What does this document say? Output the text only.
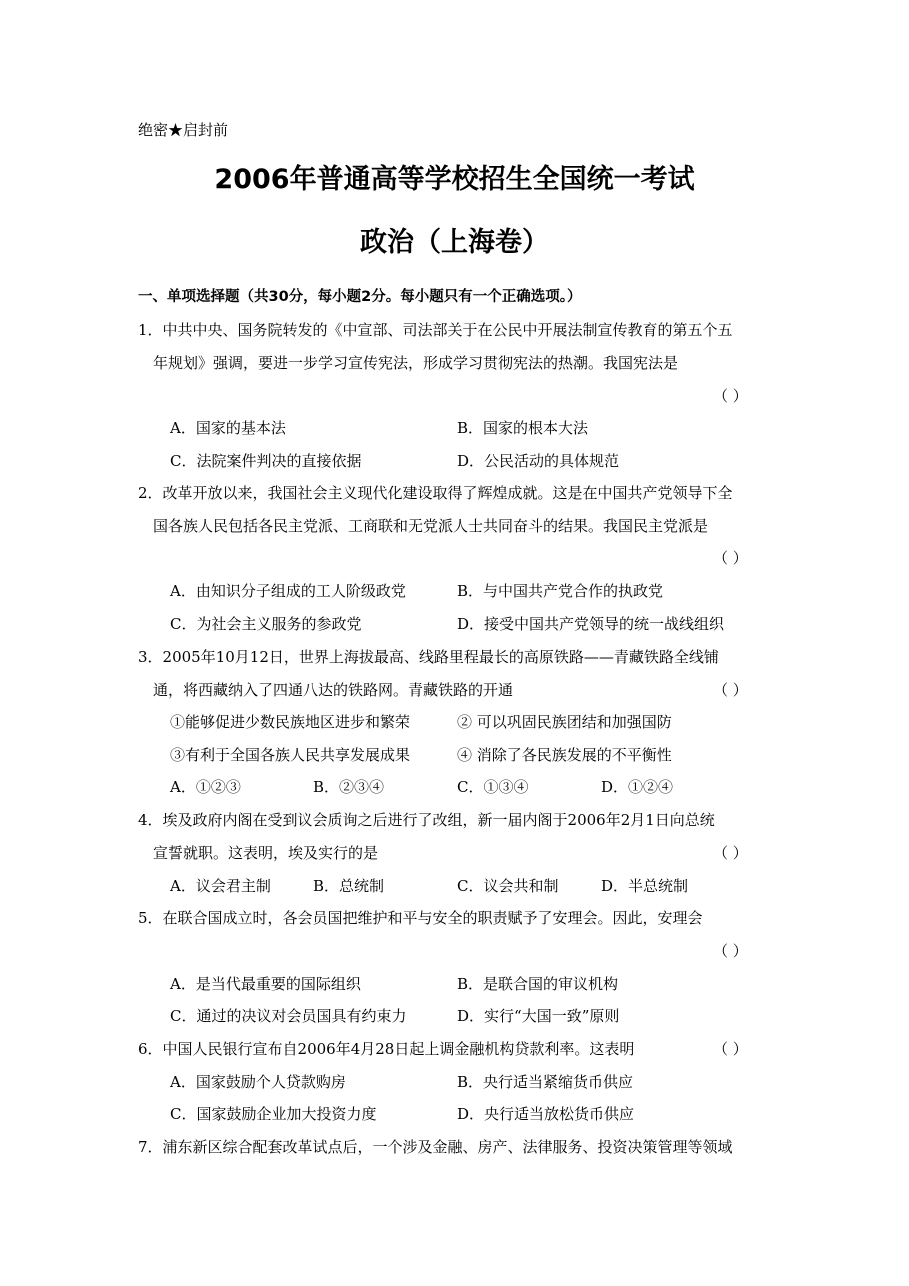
绝密★启封前
2006年普通高等学校招生全国统一考试
政治（上海卷）
一、单项选择题（共30分，每小题2分。每小题只有一个正确选项。）
1．中共中央、国务院转发的《中宣部、司法部关于在公民中开展法制宣传教育的第五个五
年规划》强调，要进一步学习宣传宪法，形成学习贯彻宪法的热潮。我国宪法是
（ ）
A．国家的基本法	B．国家的根本大法
C．法院案件判决的直接依据	D．公民活动的具体规范
2．改革开放以来，我国社会主义现代化建设取得了辉煌成就。这是在中国共产党领导下全
国各族人民包括各民主党派、工商联和无党派人士共同奋斗的结果。我国民主党派是
（ ）
A．由知识分子组成的工人阶级政党	B．与中国共产党合作的执政党
C．为社会主义服务的参政党	D．接受中国共产党领导的统一战线组织
3．2005年10月12日，世界上海拔最高、线路里程最长的高原铁路——青藏铁路全线铺
通，将西藏纳入了四通八达的铁路网。青藏铁路的开通	（ ）
①能够促进少数民族地区进步和繁荣	② 可以巩固民族团结和加强国防
③有利于全国各族人民共享发展成果	④ 消除了各民族发展的不平衡性
A．①②③	B．②③④	C．①③④	D．①②④
4．埃及政府内阁在受到议会质询之后进行了改组，新一届内阁于2006年2月1日向总统
宣誓就职。这表明，埃及实行的是	（ ）
A．议会君主制	B．总统制	C．议会共和制	D．半总统制
5．在联合国成立时，各会员国把维护和平与安全的职责赋予了安理会。因此，安理会
（ ）
A．是当代最重要的国际组织	B．是联合国的审议机构
C．通过的决议对会员国具有约束力	D．实行“大国一致”原则
6．中国人民银行宣布自2006年4月28日起上调金融机构贷款利率。这表明	（ ）
A．国家鼓励个人贷款购房	B．央行适当紧缩货币供应
C．国家鼓励企业加大投资力度	D．央行适当放松货币供应
7．浦东新区综合配套改革试点后，一个涉及金融、房产、法律服务、投资决策管理等领域
